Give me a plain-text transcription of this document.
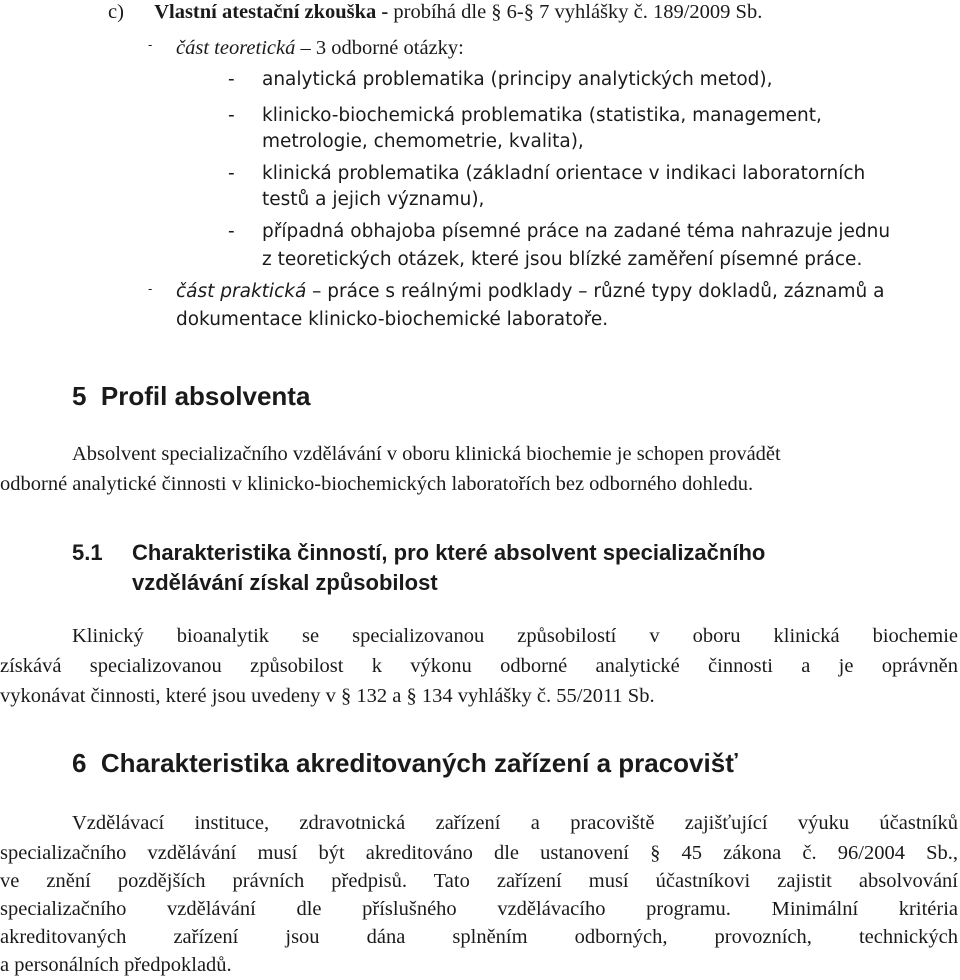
c) Vlastní atestační zkouška - probíhá dle § 6-§ 7 vyhlášky č. 189/2009 Sb.
- část teoretická – 3 odborné otázky:
- analytická problematika (principy analytických metod),
- klinicko-biochemická problematika (statistika, management,
metrologie, chemometrie, kvalita),
- klinická problematika (základní orientace v indikaci laboratorních
testů a jejich významu),
- případná obhajoba písemné práce na zadané téma nahrazuje jednu
z teoretických otázek, které jsou blízké zaměření písemné práce.
- část praktická – práce s reálnými podklady – různé typy dokladů, záznamů a
dokumentace klinicko-biochemické laboratoře.
5  Profil absolventa
Absolvent specializačního vzdělávání v oboru klinická biochemie je schopen provádět
odborné analytické činnosti v klinicko-biochemických laboratořích bez odborného dohledu.
5.1 Charakteristika činností, pro které absolvent specializačního
vzdělávání získal způsobilost
Klinický bioanalytik se specializovanou způsobilostí v oboru klinická biochemie
získává specializovanou způsobilost k výkonu odborné analytické činnosti a je oprávněn
vykonávat činnosti, které jsou uvedeny v § 132 a § 134 vyhlášky č. 55/2011 Sb.
6  Charakteristika akreditovaných zařízení a pracovišť
Vzdělávací instituce, zdravotnická zařízení a pracoviště zajišťující výuku účastníků
specializačního vzdělávání musí být akreditováno dle ustanovení § 45 zákona č. 96/2004 Sb.,
ve znění pozdějších právních předpisů. Tato zařízení musí účastníkovi zajistit absolvování
specializačního vzdělávání dle příslušného vzdělávacího programu. Minimální kritéria
akreditovaných zařízení jsou dána splněním odborných, provozních, technických
a personálních předpokladů.
